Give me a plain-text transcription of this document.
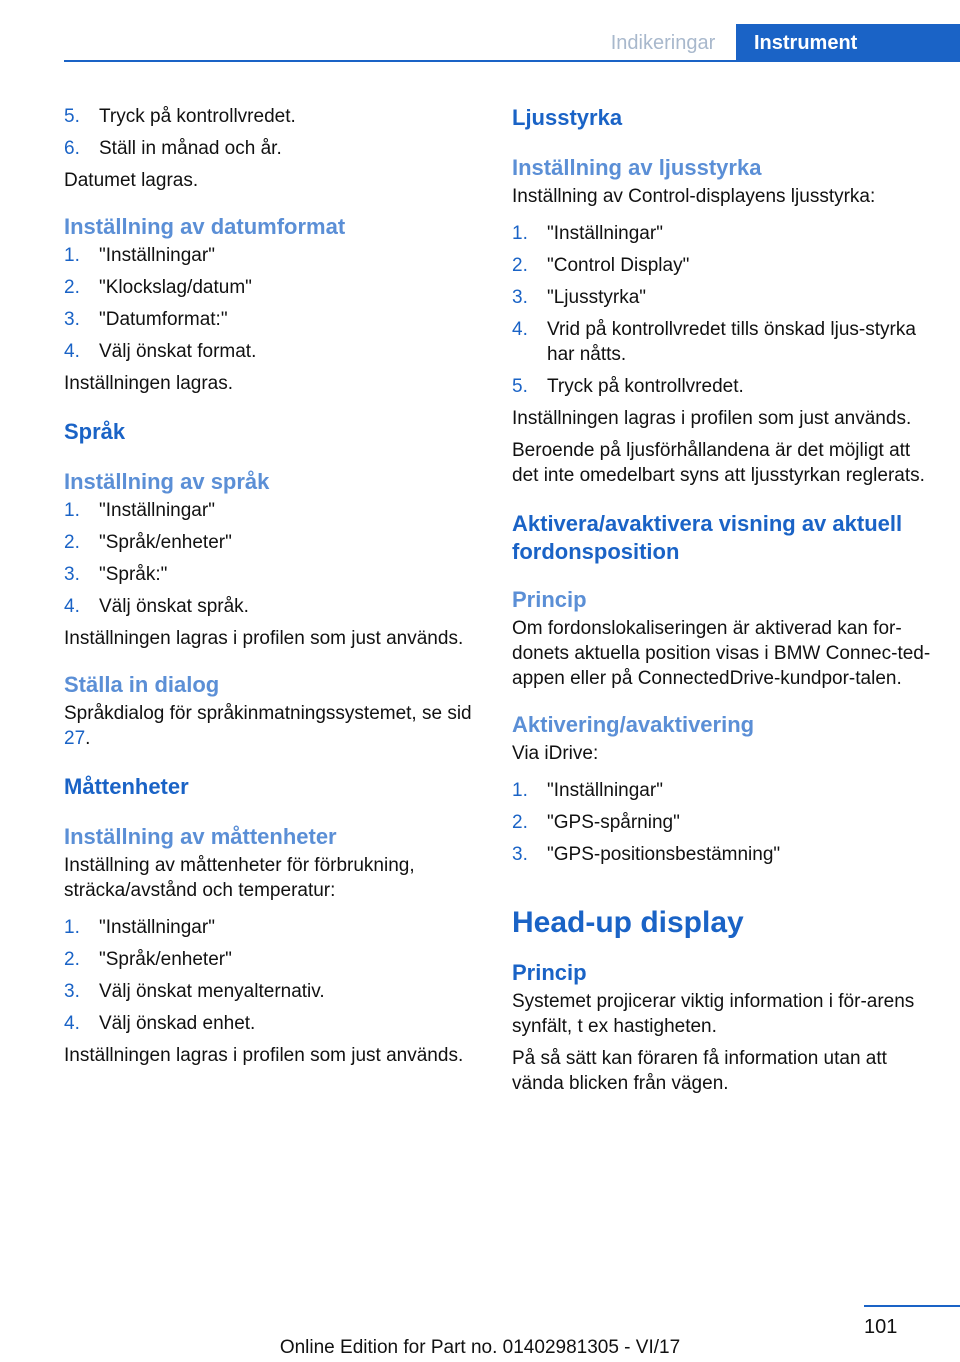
Indikeringar	Instrument
5. Tryck på kontrollvredet.
6. Ställ in månad och år.

Datumet lagras.

Inställning av datumformat
1. "Inställningar"
2. "Klockslag/datum"
3. "Datumformat:"
4. Välj önskat format.

Inställningen lagras.

Språk
Inställning av språk
1. "Inställningar"
2. "Språk/enheter"
3. "Språk:"
4. Välj önskat språk.

Inställningen lagras i profilen som just används.

Ställa in dialog

Språkdialog för språkinmatningssystemet, se sid 27.

Måttenheter
Inställning av måttenheter

Inställning av måttenheter för förbrukning, sträcka/avstånd och temperatur:

1. "Inställningar"
2. "Språk/enheter"
3. Välj önskat menyalternativ.
4. Välj önskad enhet.

Inställningen lagras i profilen som just används.

Ljusstyrka
Inställning av ljusstyrka

Inställning av Control-displayens ljusstyrka:

1. "Inställningar"
2. "Control Display"
3. "Ljusstyrka"
4. Vrid på kontrollvredet tills önskad ljus-styrka har nåtts.
5. Tryck på kontrollvredet.

Inställningen lagras i profilen som just används.

Beroende på ljusförhållandena är det möjligt att det inte omedelbart syns att ljusstyrkan reglerats.

Aktivera/avaktivera visning av aktuell fordonsposition
Princip

Om fordonslokaliseringen är aktiverad kan for-donets aktuella position visas i BMW Connec-ted-appen eller på ConnectedDrive-kundpor-talen.

Aktivering/avaktivering

Via iDrive:

1. "Inställningar"
2. "GPS-spårning"
3. "GPS-positionsbestämning"
Head-up display
Princip

Systemet projicerar viktig information i för-arens synfält, t ex hastigheten.

På så sätt kan föraren få information utan att vända blicken från vägen.

101
Online Edition for Part no. 01402981305 - VI/17
